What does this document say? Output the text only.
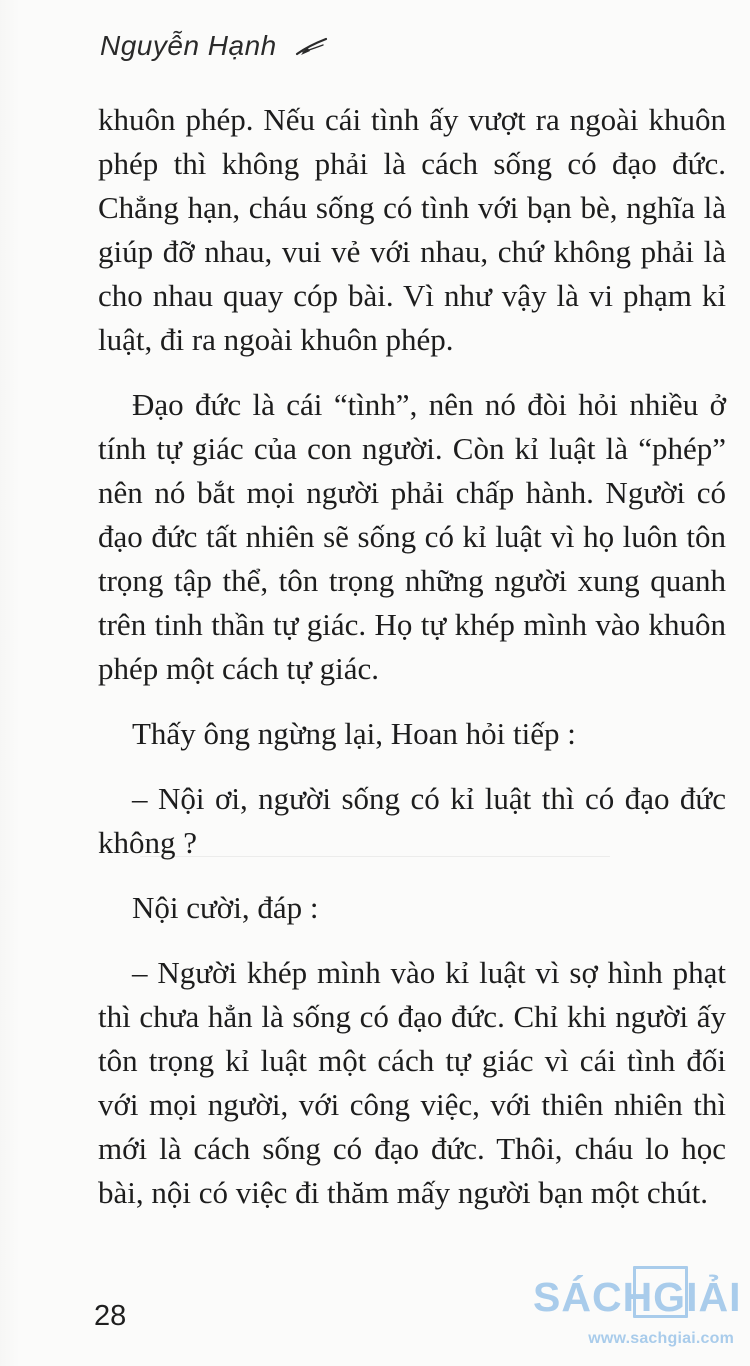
Nguyễn Hạnh

khuôn phép. Nếu cái tình ấy vượt ra ngoài khuôn phép thì không phải là cách sống có đạo đức. Chẳng hạn, cháu sống có tình với bạn bè, nghĩa là giúp đỡ nhau, vui vẻ với nhau, chứ không phải là cho nhau quay cóp bài. Vì như vậy là vi phạm kỉ luật, đi ra ngoài khuôn phép.

Đạo đức là cái “tình”, nên nó đòi hỏi nhiều ở tính tự giác của con người. Còn kỉ luật là “phép” nên nó bắt mọi người phải chấp hành. Người có đạo đức tất nhiên sẽ sống có kỉ luật vì họ luôn tôn trọng tập thể, tôn trọng những người xung quanh trên tinh thần tự giác. Họ tự khép mình vào khuôn phép một cách tự giác.

Thấy ông ngừng lại, Hoan hỏi tiếp :

– Nội ơi, người sống có kỉ luật thì có đạo đức không ?

Nội cười, đáp :

– Người khép mình vào kỉ luật vì sợ hình phạt thì chưa hẳn là sống có đạo đức. Chỉ khi người ấy tôn trọng kỉ luật một cách tự giác vì cái tình đối với mọi người, với công việc, với thiên nhiên thì mới là cách sống có đạo đức. Thôi, cháu lo học bài, nội có việc đi thăm mấy người bạn một chút.

28	SÁCHGIẢI
www.sachgiai.com
